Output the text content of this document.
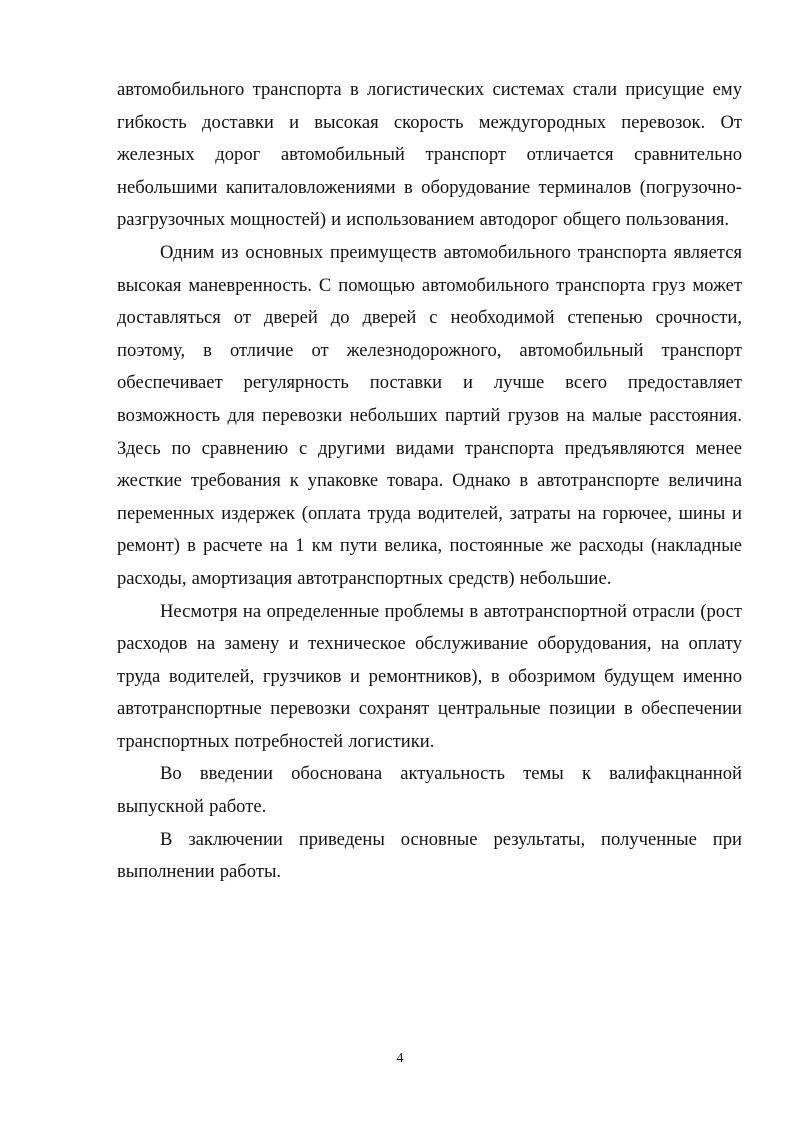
автомобильного транспорта в логистических системах стали присущие ему гибкость доставки и высокая скорость междугородных перевозок. От железных дорог автомобильный транспорт отличается сравнительно небольшими капиталовложениями в оборудование терминалов (погрузочно-разгрузочных мощностей) и использованием автодорог общего пользования.

Одним из основных преимуществ автомобильного транспорта является высокая маневренность. С помощью автомобильного транспорта груз может доставляться от дверей до дверей с необходимой степенью срочности, поэтому, в отличие от железнодорожного, автомобильный транспорт обеспечивает регулярность поставки и лучше всего предоставляет возможность для перевозки небольших партий грузов на малые расстояния. Здесь по сравнению с другими видами транспорта предъявляются менее жесткие требования к упаковке товара. Однако в автотранспорте величина переменных издержек (оплата труда водителей, затраты на горючее, шины и ремонт) в расчете на 1 км пути велика, постоянные же расходы (накладные расходы, амортизация автотранспортных средств) небольшие.

Несмотря на определенные проблемы в автотранспортной отрасли (рост расходов на замену и техническое обслуживание оборудования, на оплату труда водителей, грузчиков и ремонтников), в обозримом будущем именно автотранспортные перевозки сохранят центральные позиции в обеспечении транспортных потребностей логистики.

Во введении обоснована актуальность темы к валифакцнанной выпускной работе.

В заключении приведены основные результаты, полученные при выполнении работы.

4
